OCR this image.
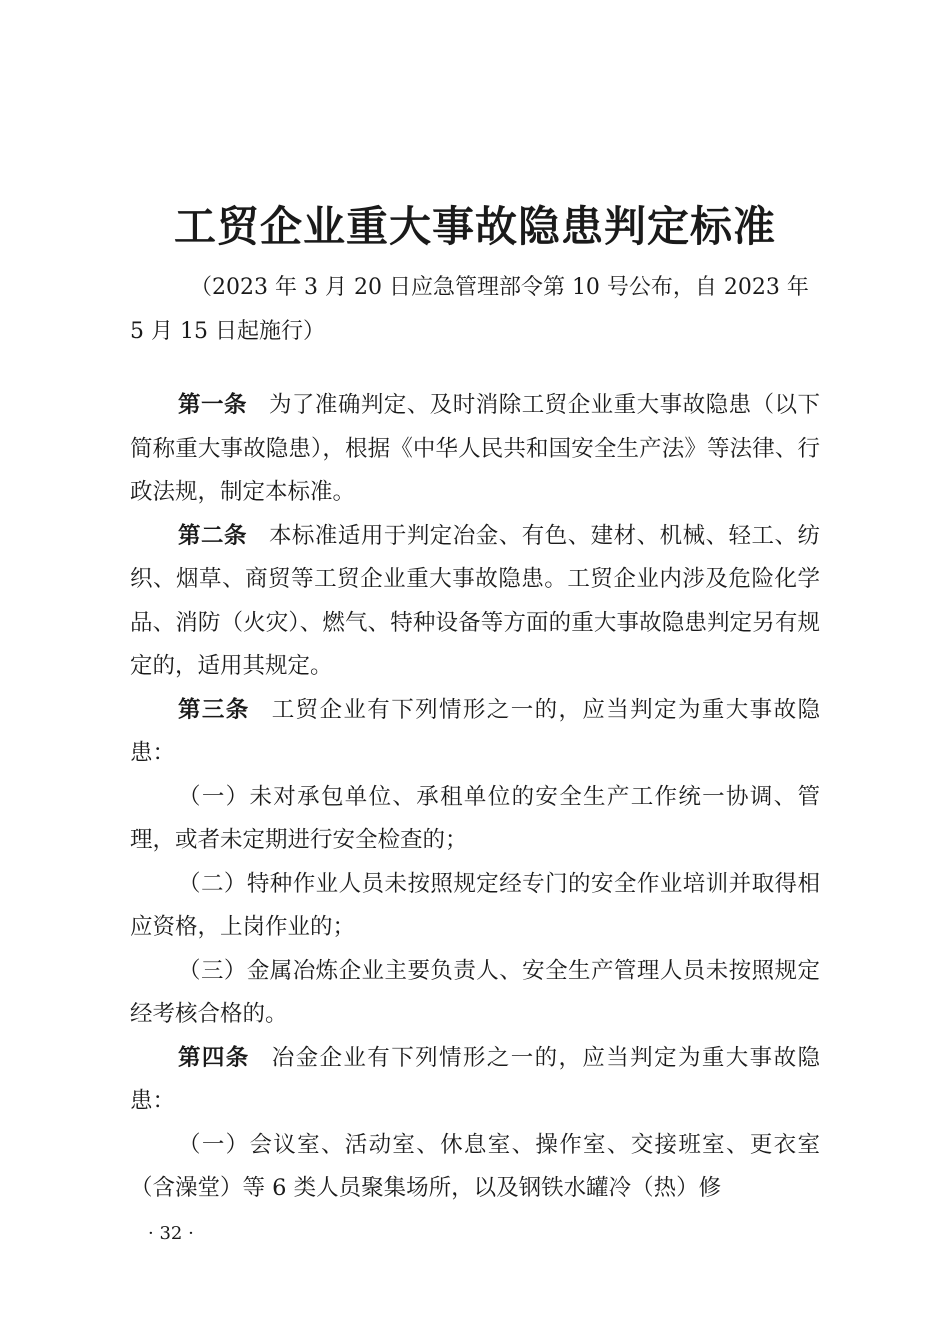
工贸企业重大事故隐患判定标准

（2023 年 3 月 20 日应急管理部令第 10 号公布，自 2023 年 5 月 15 日起施行）

第一条 为了准确判定、及时消除工贸企业重大事故隐患（以下简称重大事故隐患），根据《中华人民共和国安全生产法》等法律、行政法规，制定本标准。

第二条 本标准适用于判定冶金、有色、建材、机械、轻工、纺织、烟草、商贸等工贸企业重大事故隐患。工贸企业内涉及危险化学品、消防（火灾）、燃气、特种设备等方面的重大事故隐患判定另有规定的，适用其规定。

第三条 工贸企业有下列情形之一的，应当判定为重大事故隐患：

（一）未对承包单位、承租单位的安全生产工作统一协调、管理，或者未定期进行安全检查的；

（二）特种作业人员未按照规定经专门的安全作业培训并取得相应资格，上岗作业的；

（三）金属冶炼企业主要负责人、安全生产管理人员未按照规定经考核合格的。

第四条 冶金企业有下列情形之一的，应当判定为重大事故隐患：

（一）会议室、活动室、休息室、操作室、交接班室、更衣室（含澡堂）等 6 类人员聚集场所，以及钢铁水罐冷（热）修

· 32 ·
